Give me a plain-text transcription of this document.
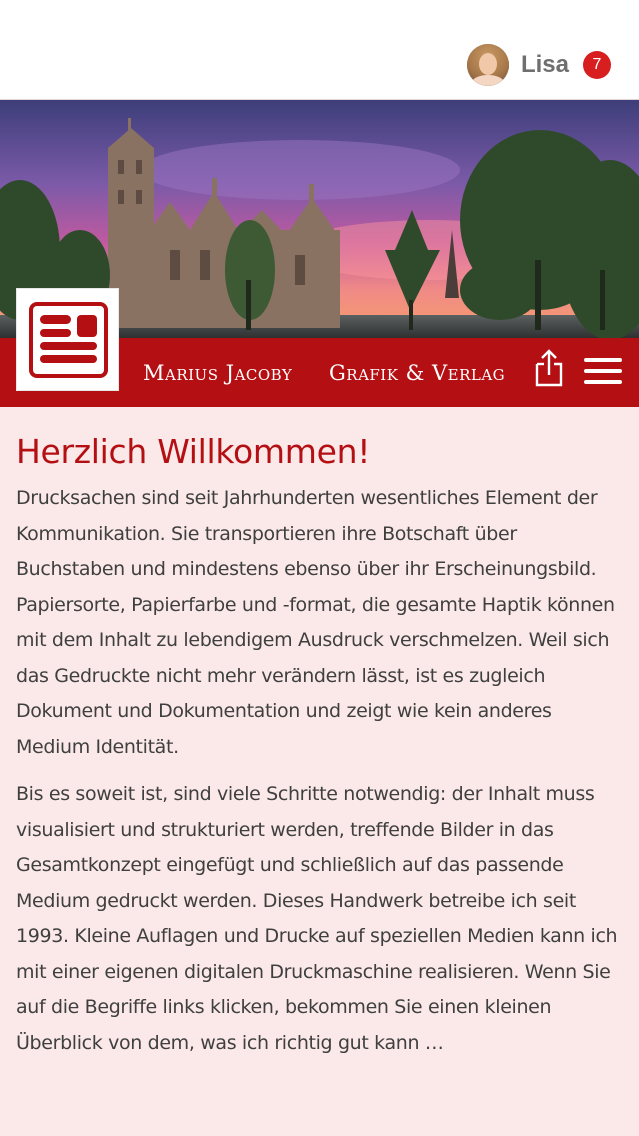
Lisa	7
Marius Jacoby Grafik & Verlag
Herzlich Willkommen!

Drucksachen sind seit Jahrhunderten wesentliches Element der Kommunikation. Sie transportieren ihre Botschaft über Buchstaben und mindestens ebenso über ihr Erscheinungsbild. Papiersorte, Papierfarbe und -format, die gesamte Haptik können mit dem Inhalt zu lebendigem Ausdruck verschmelzen. Weil sich das Gedruckte nicht mehr verändern lässt, ist es zugleich Dokument und Dokumentation und zeigt wie kein anderes Medium Identität.

Bis es soweit ist, sind viele Schritte notwendig: der Inhalt muss visualisiert und strukturiert werden, treffende Bilder in das Gesamtkonzept eingefügt und schließlich auf das passende Medium gedruckt werden. Dieses Handwerk betreibe ich seit 1993. Kleine Auflagen und Drucke auf speziellen Medien kann ich mit einer eigenen digitalen Druckmaschine realisieren. Wenn Sie auf die Begriffe links klicken, bekommen Sie einen kleinen Überblick von dem, was ich richtig gut kann …
